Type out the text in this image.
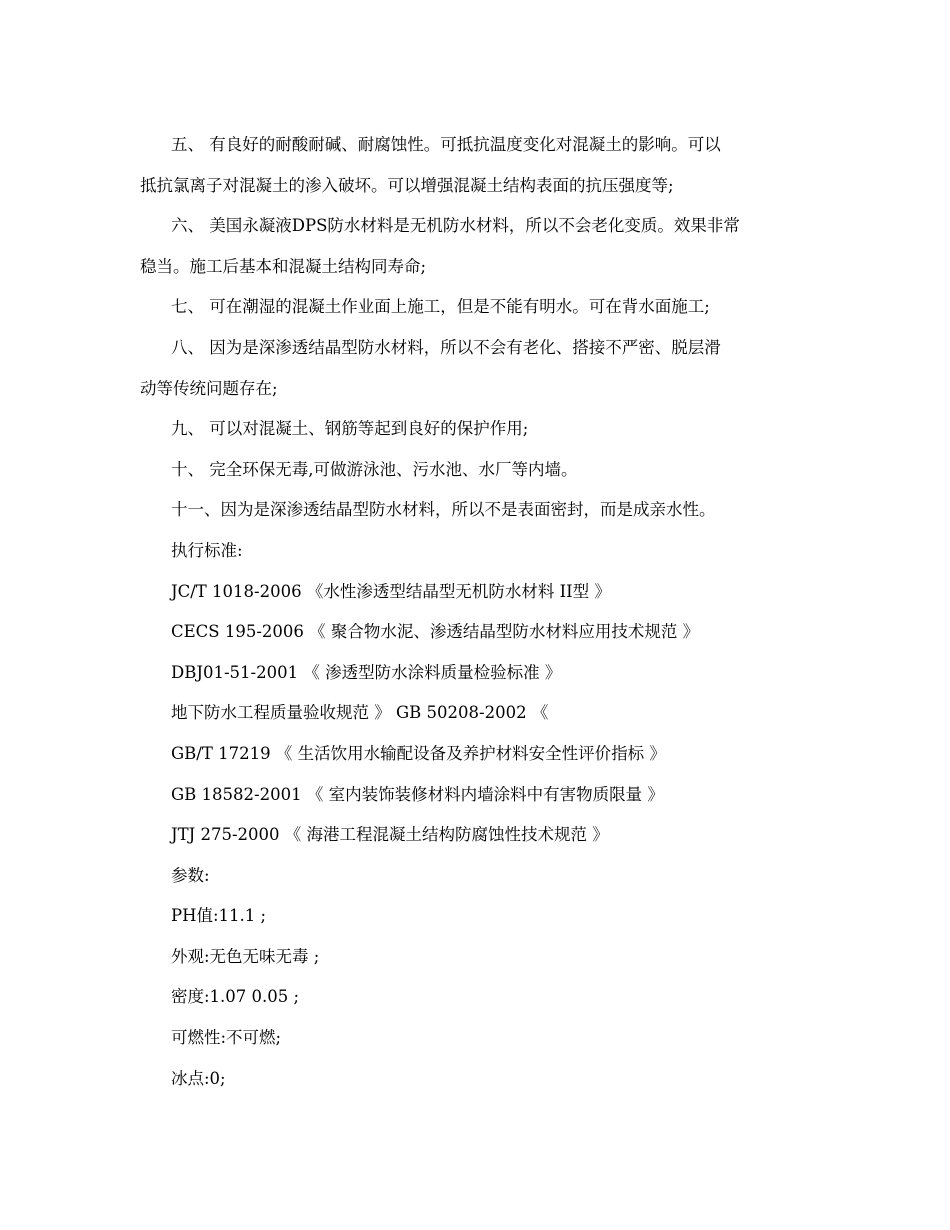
五、 有良好的耐酸耐碱、耐腐蚀性。可抵抗温度变化对混凝土的影响。可以
抵抗氯离子对混凝土的渗入破坏。可以增强混凝土结构表面的抗压强度等;
六、 美国永凝液DPS防水材料是无机防水材料，所以不会老化变质。效果非常
稳当。施工后基本和混凝土结构同寿命;
七、 可在潮湿的混凝土作业面上施工，但是不能有明水。可在背水面施工;
八、 因为是深渗透结晶型防水材料，所以不会有老化、搭接不严密、脱层滑
动等传统问题存在;
九、 可以对混凝土、钢筋等起到良好的保护作用;
十、 完全环保无毒,可做游泳池、污水池、水厂等内墙。
十一、因为是深渗透结晶型防水材料，所以不是表面密封，而是成亲水性。
执行标准:
JC/T 1018-2006 《水性渗透型结晶型无机防水材料 II型 》
CECS 195-2006 《 聚合物水泥、渗透结晶型防水材料应用技术规范 》
DBJ01-51-2001 《 渗透型防水涂料质量检验标准 》
地下防水工程质量验收规范 》 GB 50208-2002 《
GB/T 17219 《 生活饮用水输配设备及养护材料安全性评价指标 》
GB 18582-2001 《 室内装饰装修材料内墙涂料中有害物质限量 》
JTJ 275-2000 《 海港工程混凝土结构防腐蚀性技术规范 》
参数:
PH值:11.1 ;
外观:无色无味无毒 ;
密度:1.07 0.05 ;
可燃性:不可燃;
冰点:0;
